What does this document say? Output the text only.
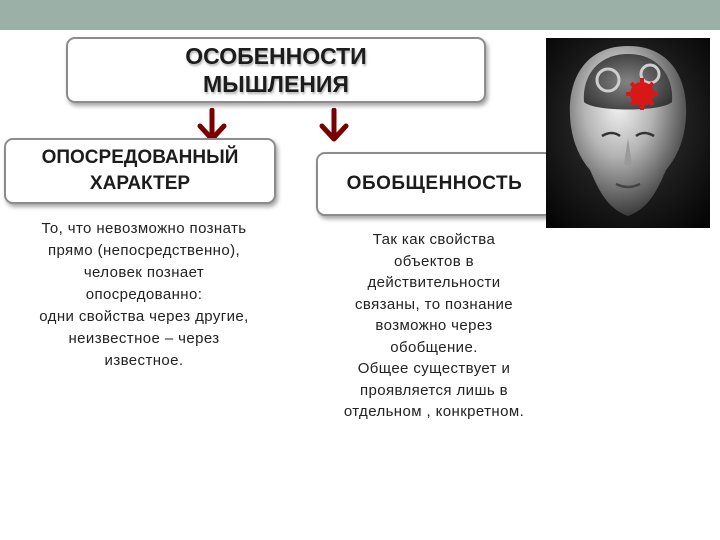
ОСОБЕННОСТИ
МЫШЛЕНИЯ
ОПОСРЕДОВАННЫЙ
ХАРАКТЕР	ОБОБЩЕННОСТЬ
То, что невозможно познать
прямо (непосредственно),
человек познает
опосредованно:
одни свойства через другие,
неизвестное – через
известное.
Так как свойства
объектов в
действительности
связаны, то познание
возможно через
обобщение.
Общее существует и
проявляется лишь в
отдельном , конкретном.
